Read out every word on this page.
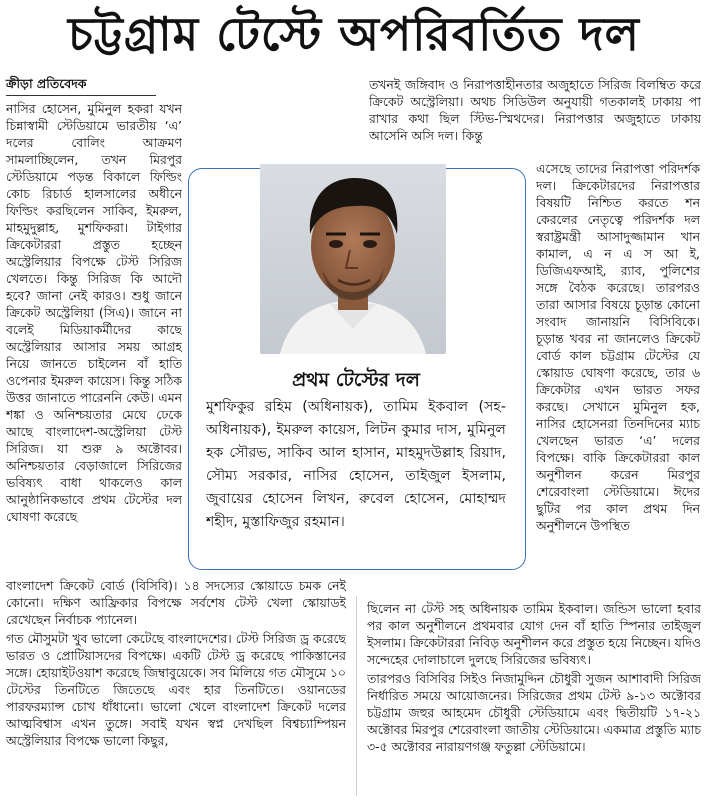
চট্টগ্রাম টেস্টে অপরিবর্তিত দল
ক্রীড়া প্রতিবেদক

নাসির হোসেন, মুমিনুল হকরা যখন চিন্নাস্বামী স্টেডিয়ামে ভারতীয় ‘এ’ দলের বোলিং আক্রমণ সামলাচ্ছিলেন, তখন মিরপুর স্টেডিয়ামে পড়ন্ত বিকালে ফিল্ডিং কোচ রিচার্ড হালসালের অধীনে ফিল্ডিং করছিলেন সাকিব, ইমরুল, মাহমুদুল্লাহ, মুশফিকরা। টাইগার ক্রিকেটাররা প্রস্তুত হচ্ছেন অস্ট্রেলিয়ার বিপক্ষে টেস্ট সিরিজ খেলতে। কিন্তু সিরিজ কি আদৌ হবে? জানা নেই কারও। শুধু জানে ক্রিকেট অস্ট্রেলিয়া (সিএ)। জানে না বলেই মিডিয়াকর্মীদের কাছে অস্ট্রেলিয়ার আসার সময় আগ্রহ নিয়ে জানতে চাইলেন বাঁ হাতি ওপেনার ইমরুল কায়েস। কিন্তু সঠিক উত্তর জানাতে পারেননি কেউ। এমন শঙ্কা ও অনিশ্চয়তার মেঘে ঢেকে আছে বাংলাদেশ-অস্ট্রেলিয়া টেস্ট সিরিজ। যা শুরু ৯ অক্টোবর। অনিশ্চয়তার বেড়াজালে সিরিজের ভবিষ্যৎ বাধা থাকলেও কাল আনুষ্ঠানিকভাবে প্রথম টেস্টের দল ঘোষণা করেছে

তখনই জঙ্গিবাদ ও নিরাপত্তাহীনতার অজুহাতে সিরিজ বিলম্বিত করে ক্রিকেট অস্ট্রেলিয়া। অথচ সিডিউল অনুযায়ী গতকালই ঢাকায় পা রাখার কথা ছিল স্টিভ-স্মিথদের। নিরাপত্তার অজুহাতে ঢাকায় আসেনি অসি দল। কিন্তু

এসেছে তাদের নিরাপত্তা পরিদর্শক দল। ক্রিকেটারদের নিরাপত্তার বিষয়টি নিশ্চিত করতে শন কেরলের নেতৃত্বে পরিদর্শক দল স্বরাষ্ট্রমন্ত্রী আসাদুজ্জামান খান কামাল, এ ন এ স আ ই, ডিজিএফআই, র‌্যাব, পুলিশের সঙ্গে বৈঠক করেছে। তারপরও তারা আসার বিষয়ে চূড়ান্ত কোনো সংবাদ জানায়নি বিসিবিকে। চূড়ান্ত খবর না জানলেও ক্রিকেট বোর্ড কাল চট্টগ্রাম টেস্টের যে স্কোয়াড ঘোষণা করেছে, তার ৬ ক্রিকেটার এখন ভারত সফর করছে। সেখানে মুমিনুল হক, নাসির হোসেনরা তিনদিনের ম্যাচ খেলছেন ভারত ‘এ’ দলের বিপক্ষে। বাকি ক্রিকেটাররা কাল অনুশীলন করেন মিরপুর শেরেবাংলা স্টেডিয়ামে। ঈদের ছুটির পর কাল প্রথম দিন অনুশীলনে উপস্থিত

প্রথম টেস্টের দল
মুশফিকুর রহিম (অধিনায়ক), তামিম ইকবাল (সহ-অধিনায়ক), ইমরুল কায়েস, লিটন কুমার দাস, মুমিনুল হক সৌরভ, সাকিব আল হাসান, মাহমুদউল্লাহ রিয়াদ, সৌম্য সরকার, নাসির হোসেন, তাইজুল ইসলাম, জুবায়ের হোসেন লিখন, রুবেল হোসেন, মোহাম্মদ শহীদ, মুস্তাফিজুর রহমান।

বাংলাদেশ ক্রিকেট বোর্ড (বিসিবি)। ১৪ সদস্যের স্কোয়াডে চমক নেই কোনো। দক্ষিণ আফ্রিকার বিপক্ষে সর্বশেষ টেস্ট খেলা স্কোয়াডই রেখেছেন নির্বাচক প্যানেল।

গত মৌসুমটা খুব ভালো কেটেছে বাংলাদেশের। টেস্ট সিরিজ ড্র করেছে ভারত ও প্রোটিয়াসদের বিপক্ষে। একটি টেস্ট ড্র করেছে পাকিস্তানের সঙ্গে। হোয়াইটওয়াশ করেছে জিম্বাবুয়েকে। সব মিলিয়ে গত মৌসুমে ১০ টেস্টের তিনটিতে জিতেছে এবং হার তিনটিতে। ওয়ানডের পারফরম্যান্স চোখ ধাঁধানো। ভালো খেলে বাংলাদেশ ক্রিকেট দলের আত্মবিশ্বাস এখন তুঙ্গে। সবাই যখন স্বপ্ন দেখছিল বিশ্বচ্যাম্পিয়ন অস্ট্রেলিয়ার বিপক্ষে ভালো কিছুর,

ছিলেন না টেস্ট সহ অধিনায়ক তামিম ইকবাল। জন্ডিস ভালো হবার পর কাল অনুশীলনে প্রথমবার যোগ দেন বাঁ হাতি স্পিনার তাইজুল ইসলাম। ক্রিকেটাররা নিবিড় অনুশীলন করে প্রস্তুত হয়ে নিচ্ছেন। যদিও সন্দেহের দোলাচালে দুলছে সিরিজের ভবিষ্যৎ।

তারপরও বিসিবির সিইও নিজামুদ্দিন চৌধুরী সুজন আশাবাদী সিরিজ নির্ধারিত সময়ে আয়োজনের। সিরিজের প্রথম টেস্ট ৯-১৩ অক্টোবর চট্টগ্রাম জহুর আহমেদ চৌধুরী স্টেডিয়ামে এবং দ্বিতীয়টি ১৭-২১ অক্টোবর মিরপুর শেরেবাংলা জাতীয় স্টেডিয়ামে। একমাত্র প্রস্তুতি ম্যাচ ৩-৫ অক্টোবর নারায়ণগঞ্জ ফতুল্লা স্টেডিয়ামে।
